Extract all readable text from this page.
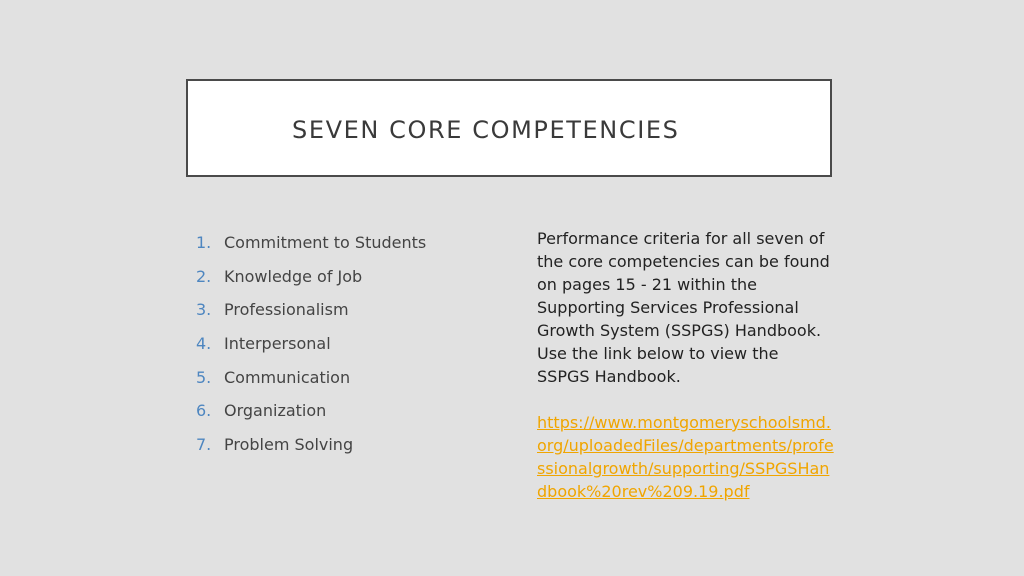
SEVEN CORE COMPETENCIES
1. Commitment to Students
2. Knowledge of Job
3. Professionalism
4. Interpersonal
5. Communication
6. Organization
7. Problem Solving
Performance criteria for all seven of
the core competencies can be found
on pages 15 - 21 within the
Supporting Services Professional
Growth System (SSPGS) Handbook.
Use the link below to view the
SSPGS Handbook.
https://www.montgomeryschoolsmd.
org/uploadedFiles/departments/profe
ssionalgrowth/supporting/SSPGSHan
dbook%20rev%209.19.pdf
